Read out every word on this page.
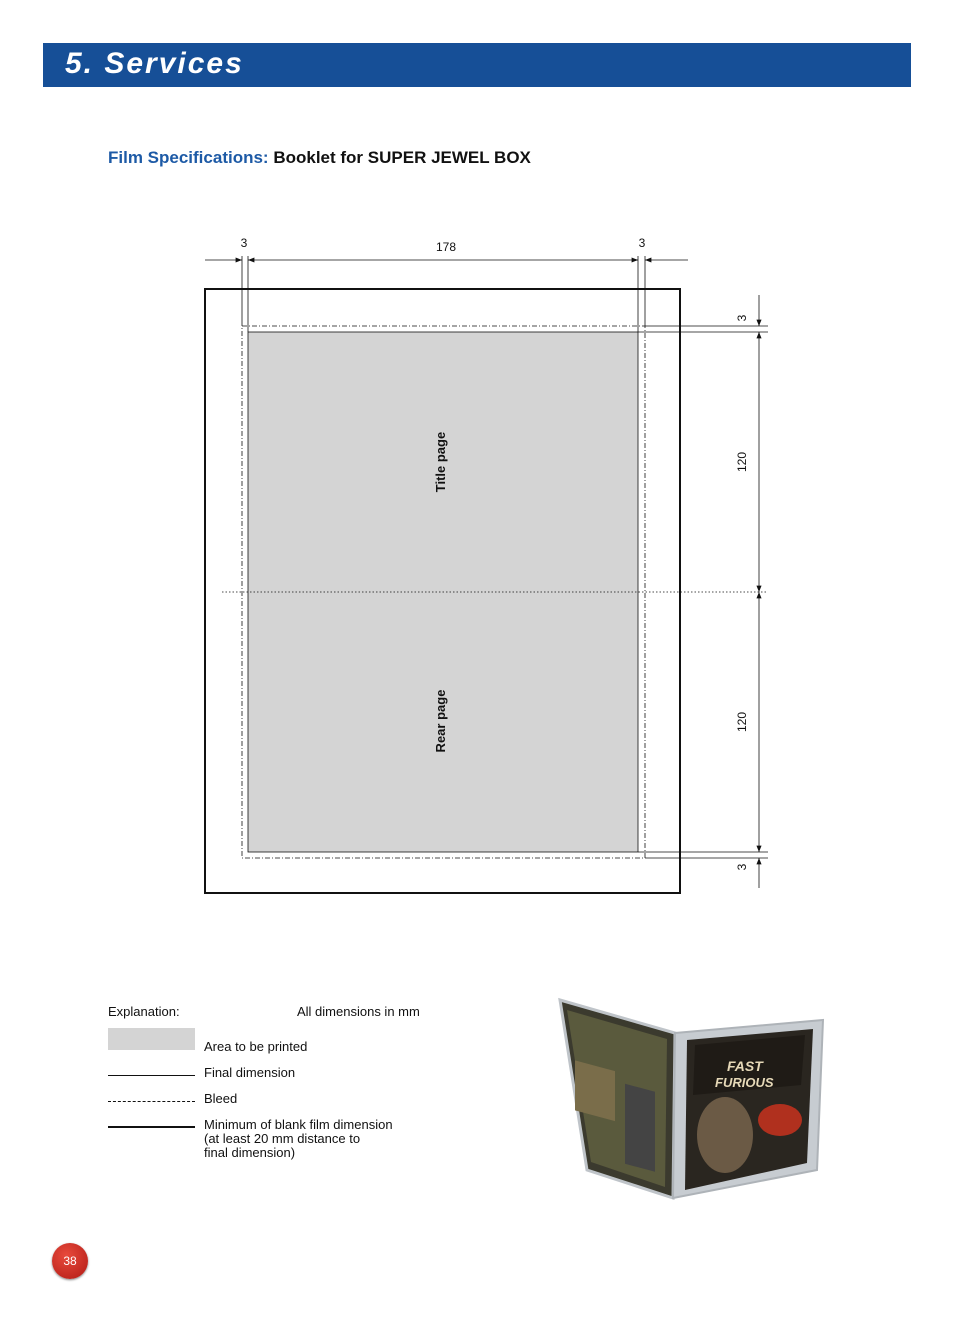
5. Services
Film Specifications: Booklet for SUPER JEWEL BOX
3	178	3
3
120
120
3
Title page
Rear page
Explanation:	All dimensions in mm
Area to be printed
Final dimension
Bleed
Minimum of blank film dimension
(at least 20 mm distance to
final dimension)
FAST
FURIOUS
38
